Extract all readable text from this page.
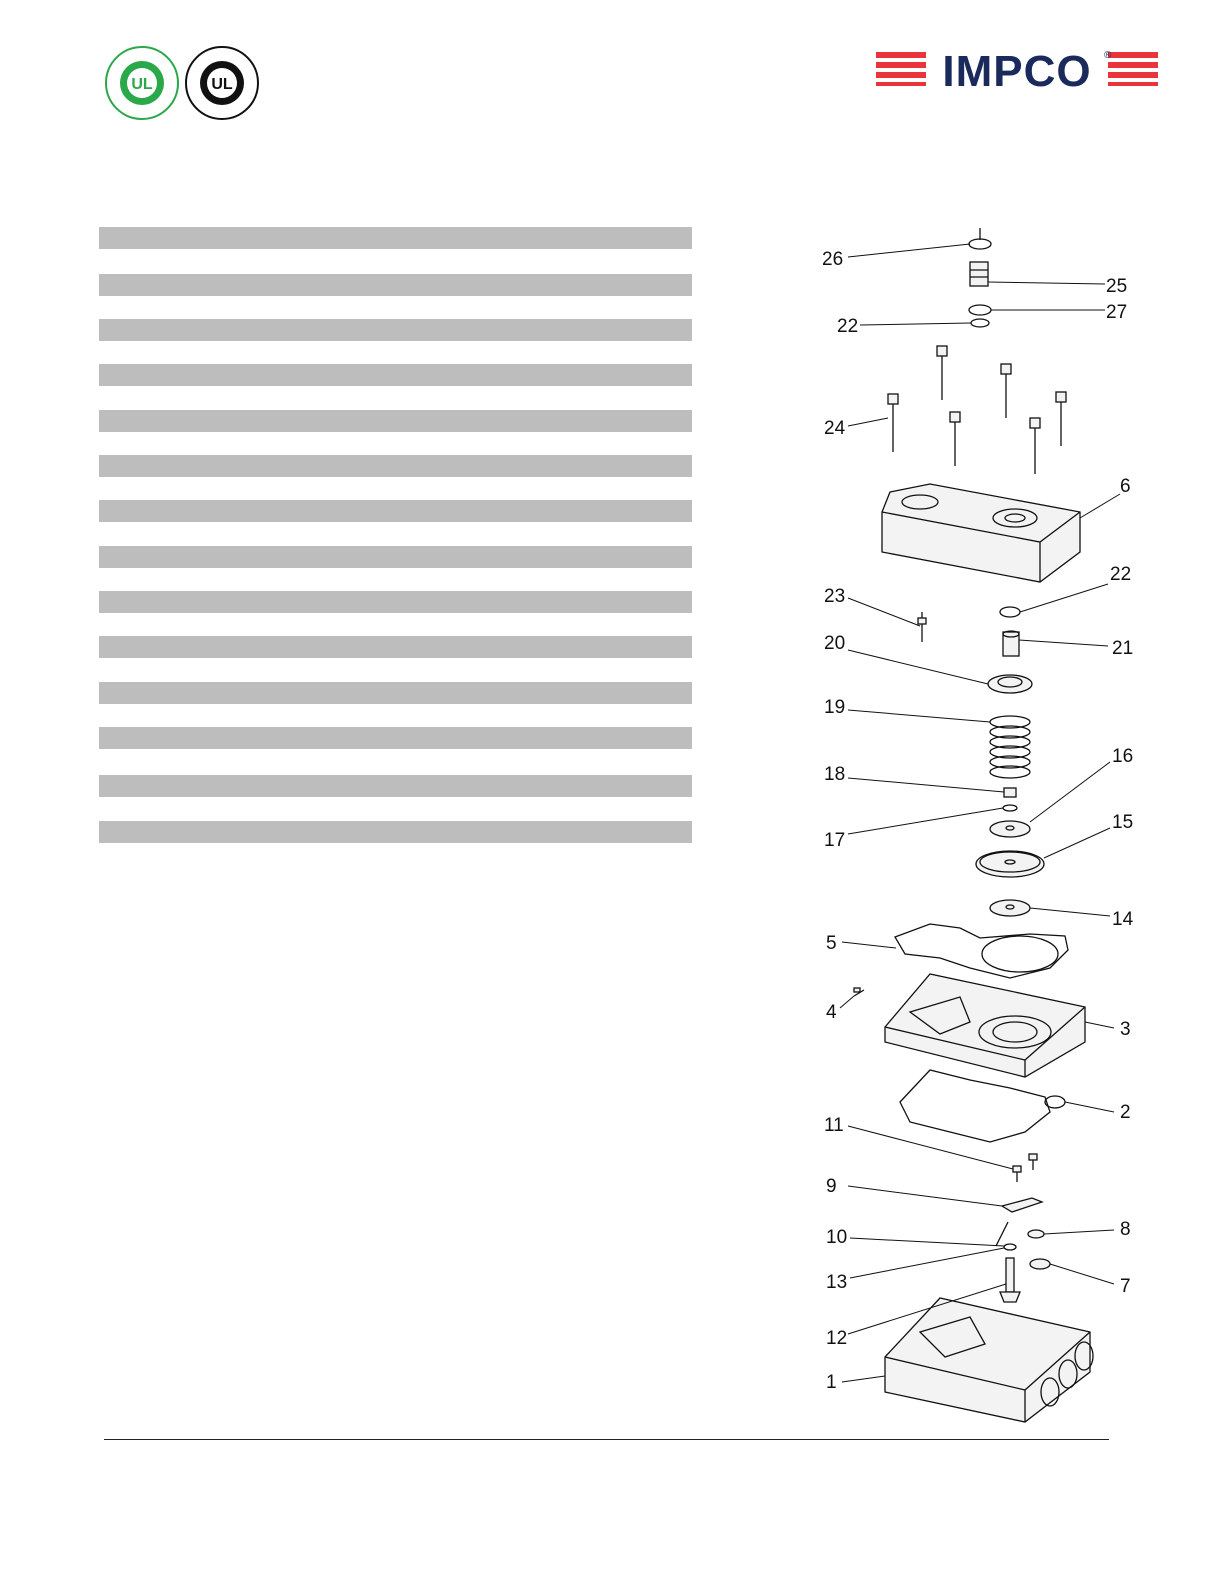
UL	UL	IMPCO ®
26
25
27
22
24
6
22
23
21
20
19
18
16
17
15
14
5
4
3
2
11
9
8
10
13	7
12
1
